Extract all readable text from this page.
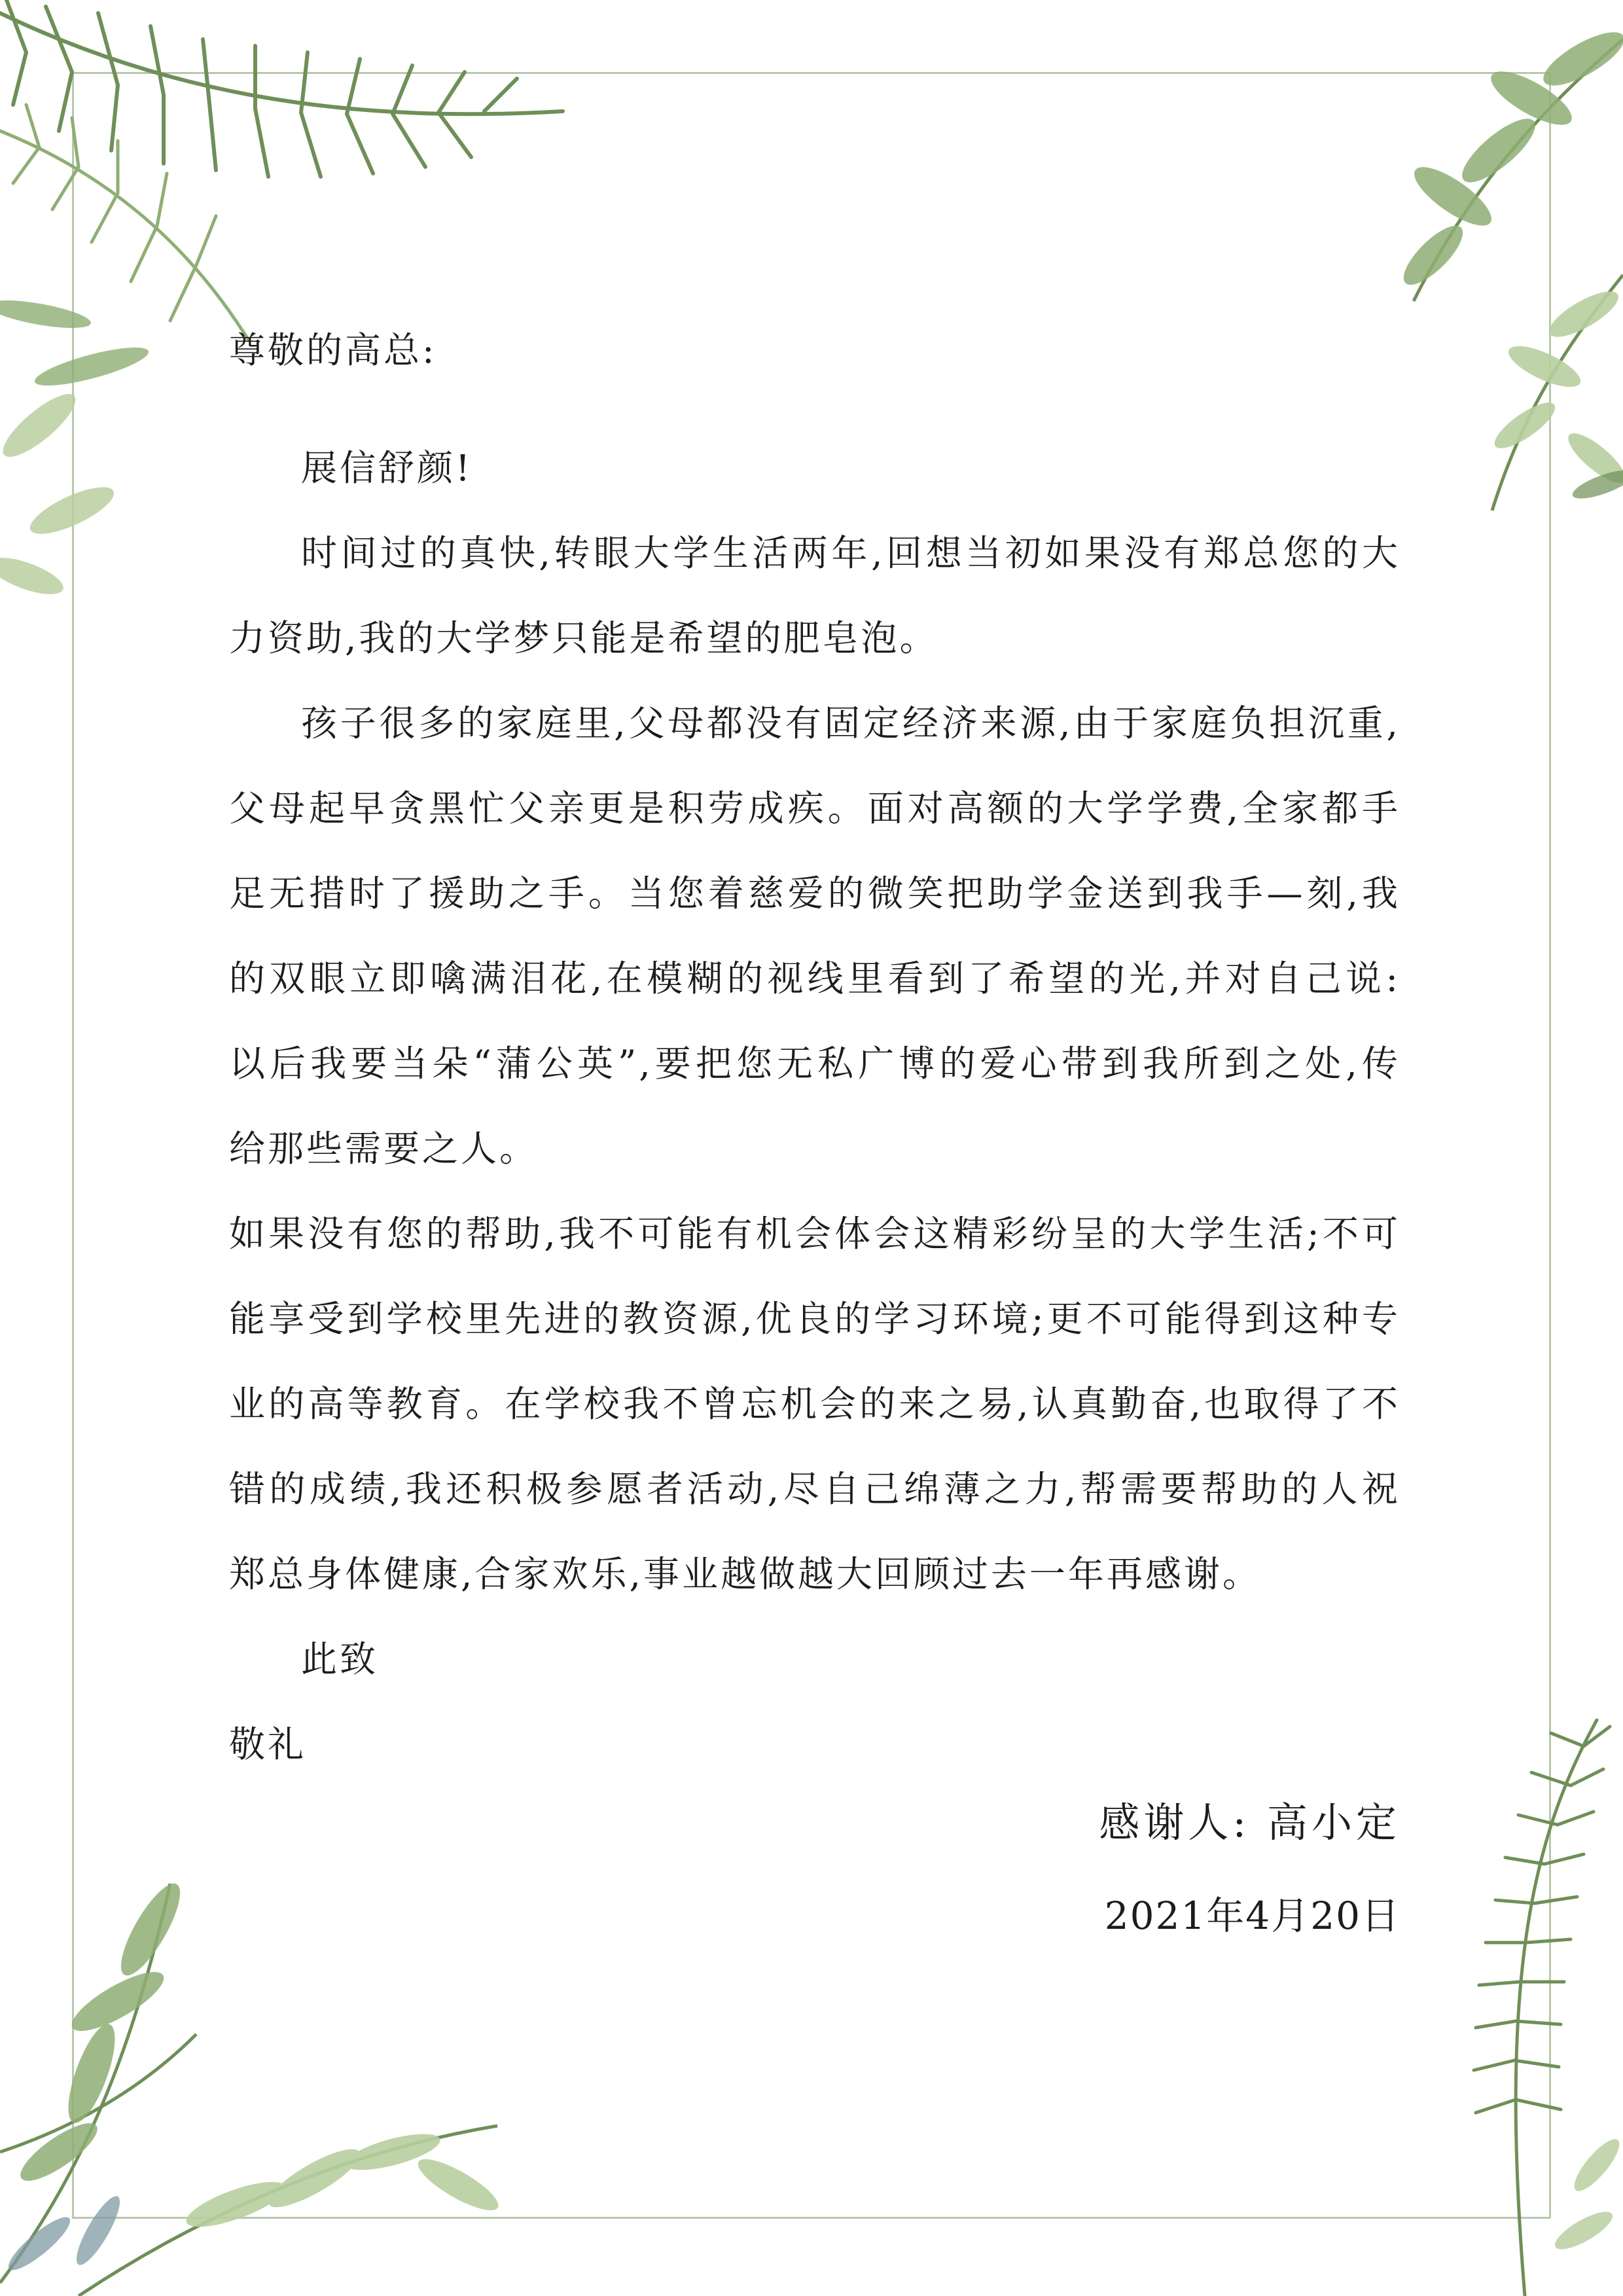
尊敬的高总:
展信舒颜!
时间过的真快,转眼大学生活两年,回想当初如果没有郑总您的大
力资助,我的大学梦只能是希望的肥皂泡。
孩子很多的家庭里,父母都没有固定经济来源,由于家庭负担沉重,
父母起早贪黑忙父亲更是积劳成疾。面对高额的大学学费,全家都手
足无措时了援助之手。当您着慈爱的微笑把助学金送到我手—刻,我
的双眼立即噙满泪花,在模糊的视线里看到了希望的光,并对自己说:
以后我要当朵“蒲公英”,要把您无私广博的爱心带到我所到之处,传
给那些需要之人。
如果没有您的帮助,我不可能有机会体会这精彩纷呈的大学生活;不可
能享受到学校里先进的教资源,优良的学习环境;更不可能得到这种专
业的高等教育。在学校我不曾忘机会的来之易,认真勤奋,也取得了不
错的成绩,我还积极参愿者活动,尽自己绵薄之力,帮需要帮助的人祝
郑总身体健康,合家欢乐,事业越做越大回顾过去一年再感谢。
此致
敬礼
感谢人: 高小定
2021年4月20日
